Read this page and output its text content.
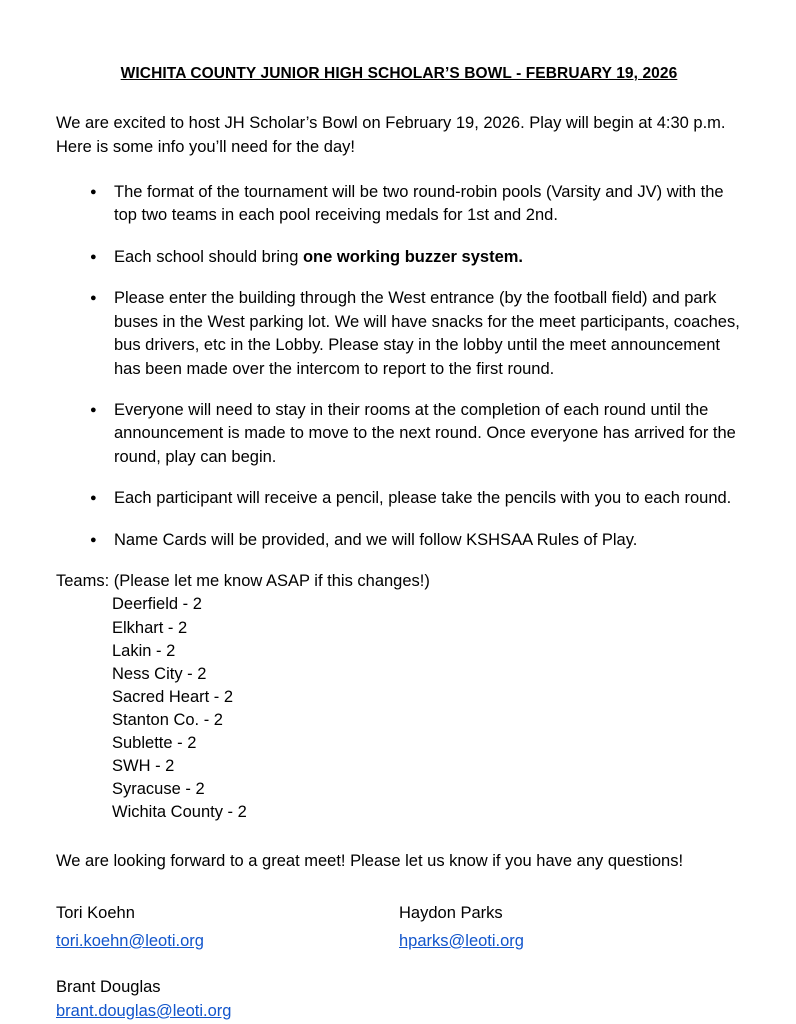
WICHITA COUNTY JUNIOR HIGH SCHOLAR’S BOWL - FEBRUARY 19, 2026

We are excited to host JH Scholar’s Bowl on February 19, 2026. Play will begin at 4:30 p.m. Here is some info you’ll need for the day!

● The format of the tournament will be two round-robin pools (Varsity and JV) with the top two teams in each pool receiving medals for 1st and 2nd.
● Each school should bring one working buzzer system.
● Please enter the building through the West entrance (by the football field) and park buses in the West parking lot. We will have snacks for the meet participants, coaches, bus drivers, etc in the Lobby. Please stay in the lobby until the meet announcement has been made over the intercom to report to the first round.
● Everyone will need to stay in their rooms at the completion of each round until the announcement is made to move to the next round. Once everyone has arrived for the round, play can begin.
● Each participant will receive a pencil, please take the pencils with you to each round.
● Name Cards will be provided, and we will follow KSHSAA Rules of Play.
Teams: (Please let me know ASAP if this changes!)
Deerfield - 2
Elkhart - 2
Lakin - 2
Ness City - 2
Sacred Heart - 2
Stanton Co. - 2
Sublette - 2
SWH - 2
Syracuse - 2
Wichita County - 2
We are looking forward to a great meet! Please let us know if you have any questions!
Tori Koehn	Haydon Parks
tori.koehn@leoti.org	hparks@leoti.org
Brant Douglas
brant.douglas@leoti.org
